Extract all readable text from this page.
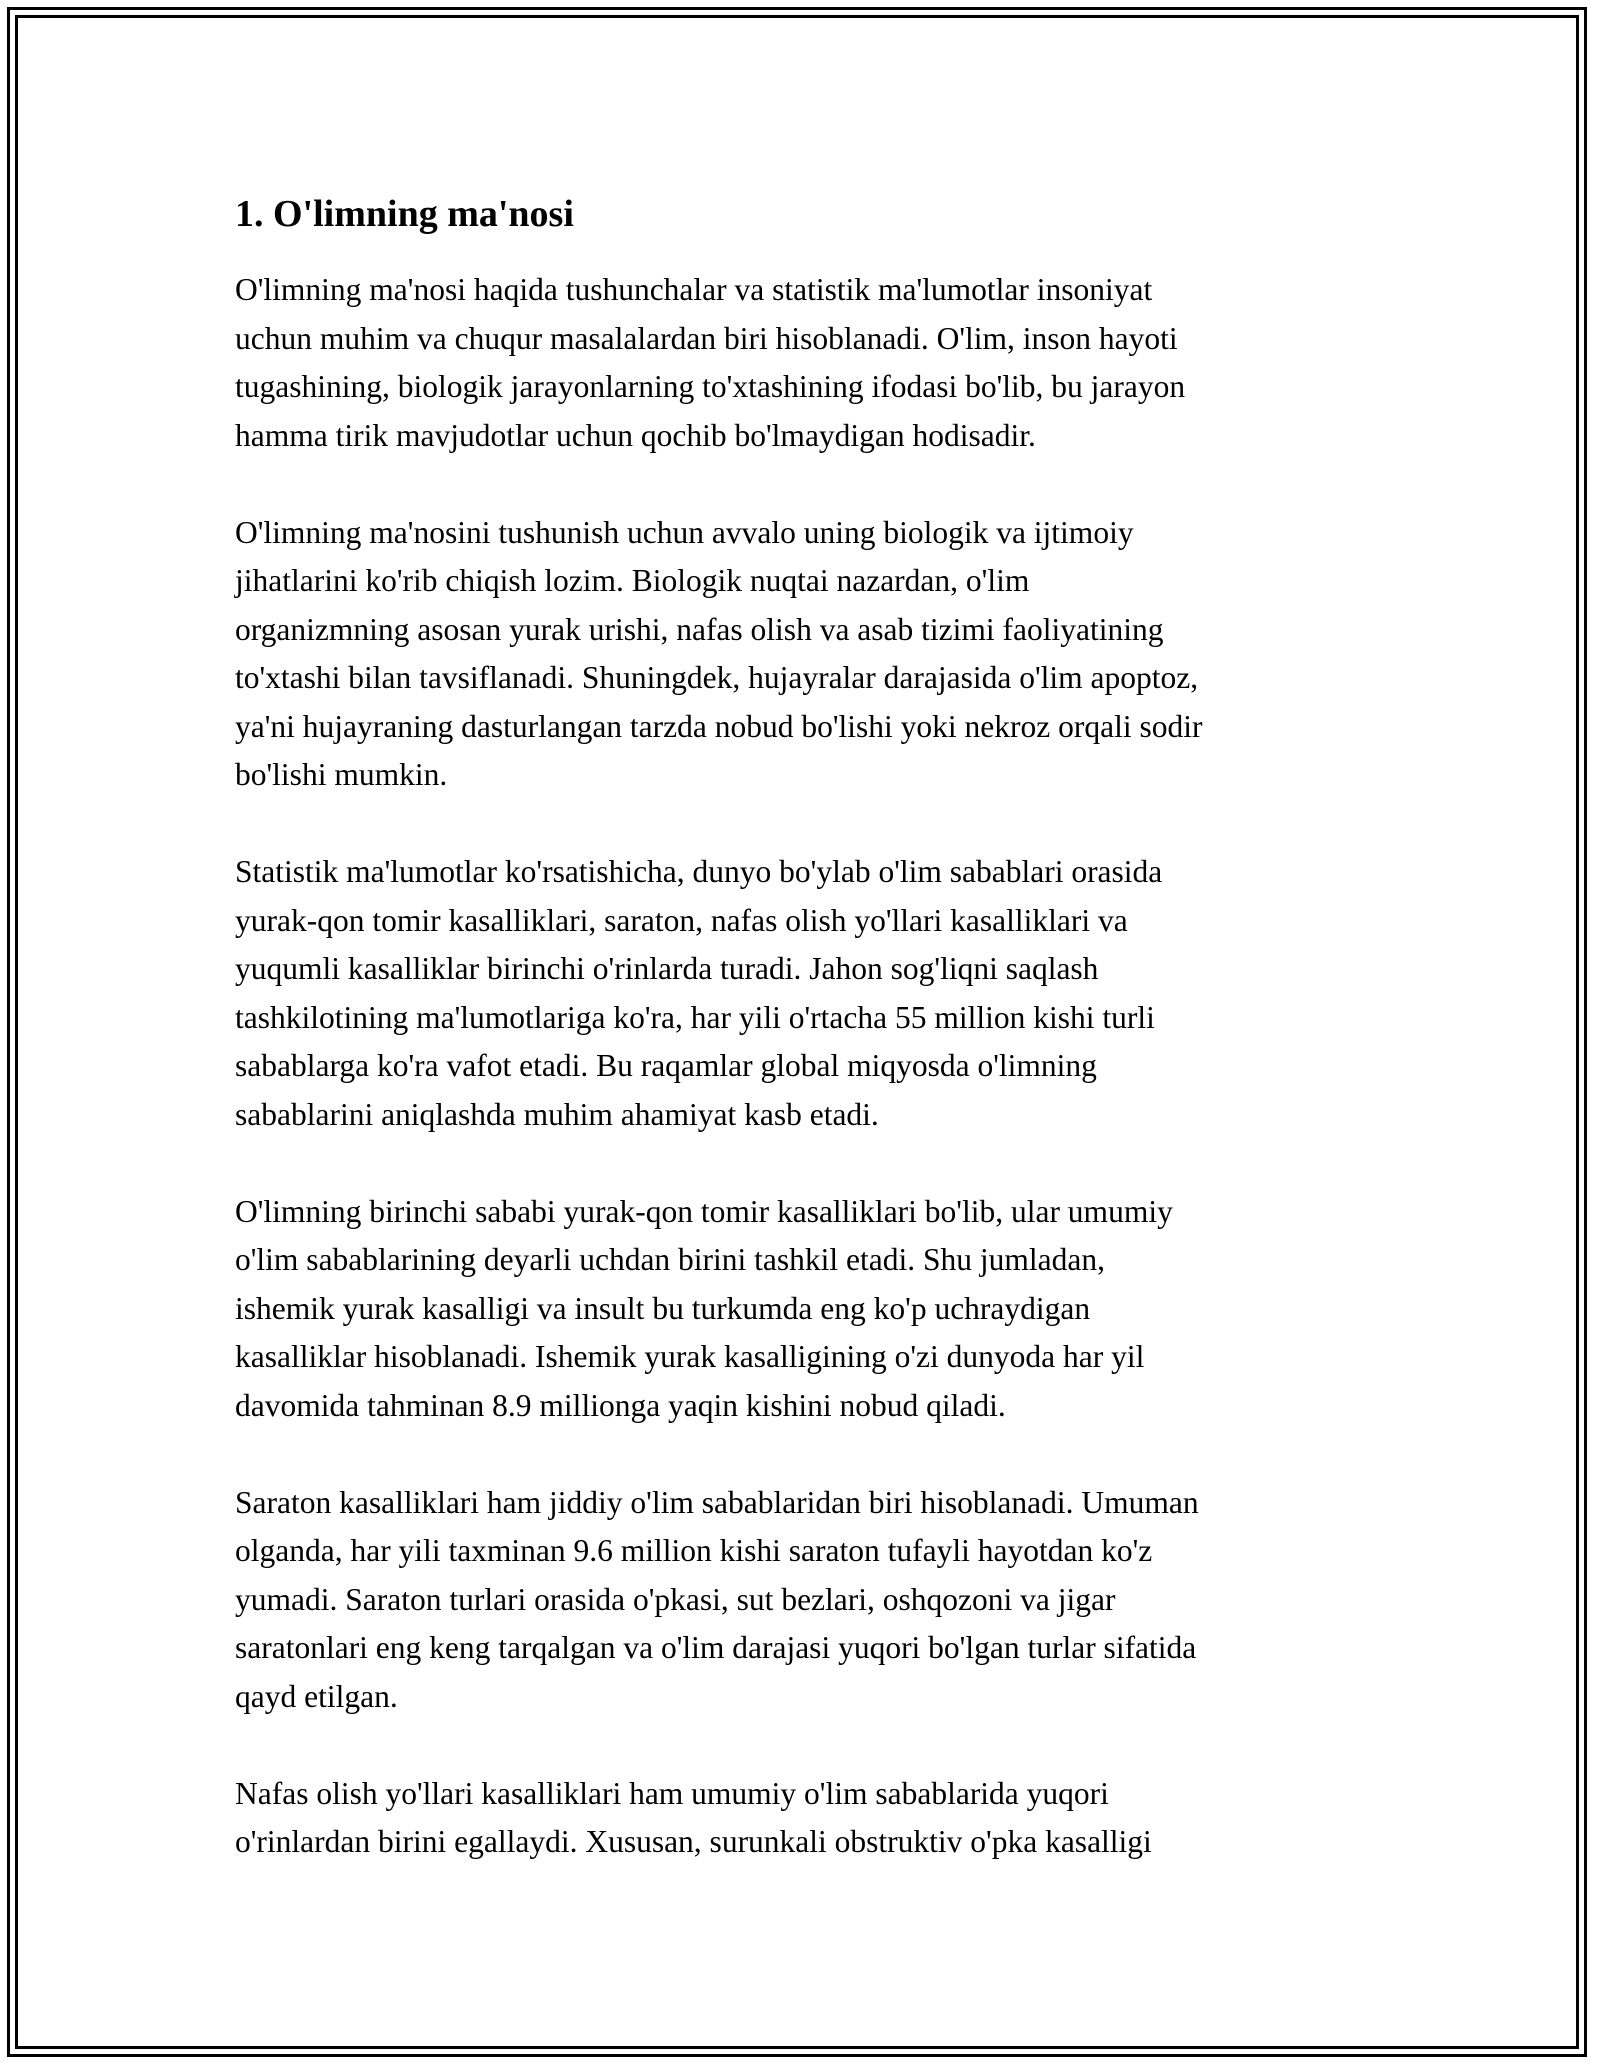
1. O'limning ma'nosi

O'limning ma'nosi haqida tushunchalar va statistik ma'lumotlar insoniyat
uchun muhim va chuqur masalalardan biri hisoblanadi. O'lim, inson hayoti
tugashining, biologik jarayonlarning to'xtashining ifodasi bo'lib, bu jarayon
hamma tirik mavjudotlar uchun qochib bo'lmaydigan hodisadir.

O'limning ma'nosini tushunish uchun avvalo uning biologik va ijtimoiy
jihatlarini ko'rib chiqish lozim. Biologik nuqtai nazardan, o'lim
organizmning asosan yurak urishi, nafas olish va asab tizimi faoliyatining
to'xtashi bilan tavsiflanadi. Shuningdek, hujayralar darajasida o'lim apoptoz,
ya'ni hujayraning dasturlangan tarzda nobud bo'lishi yoki nekroz orqali sodir
bo'lishi mumkin.

Statistik ma'lumotlar ko'rsatishicha, dunyo bo'ylab o'lim sabablari orasida
yurak-qon tomir kasalliklari, saraton, nafas olish yo'llari kasalliklari va
yuqumli kasalliklar birinchi o'rinlarda turadi. Jahon sog'liqni saqlash
tashkilotining ma'lumotlariga ko'ra, har yili o'rtacha 55 million kishi turli
sabablarga ko'ra vafot etadi. Bu raqamlar global miqyosda o'limning
sabablarini aniqlashda muhim ahamiyat kasb etadi.

O'limning birinchi sababi yurak-qon tomir kasalliklari bo'lib, ular umumiy
o'lim sabablarining deyarli uchdan birini tashkil etadi. Shu jumladan,
ishemik yurak kasalligi va insult bu turkumda eng ko'p uchraydigan
kasalliklar hisoblanadi. Ishemik yurak kasalligining o'zi dunyoda har yil
davomida tahminan 8.9 millionga yaqin kishini nobud qiladi.

Saraton kasalliklari ham jiddiy o'lim sabablaridan biri hisoblanadi. Umuman
olganda, har yili taxminan 9.6 million kishi saraton tufayli hayotdan ko'z
yumadi. Saraton turlari orasida o'pkasi, sut bezlari, oshqozoni va jigar
saratonlari eng keng tarqalgan va o'lim darajasi yuqori bo'lgan turlar sifatida
qayd etilgan.

Nafas olish yo'llari kasalliklari ham umumiy o'lim sabablarida yuqori
o'rinlardan birini egallaydi. Xususan, surunkali obstruktiv o'pka kasalligi
